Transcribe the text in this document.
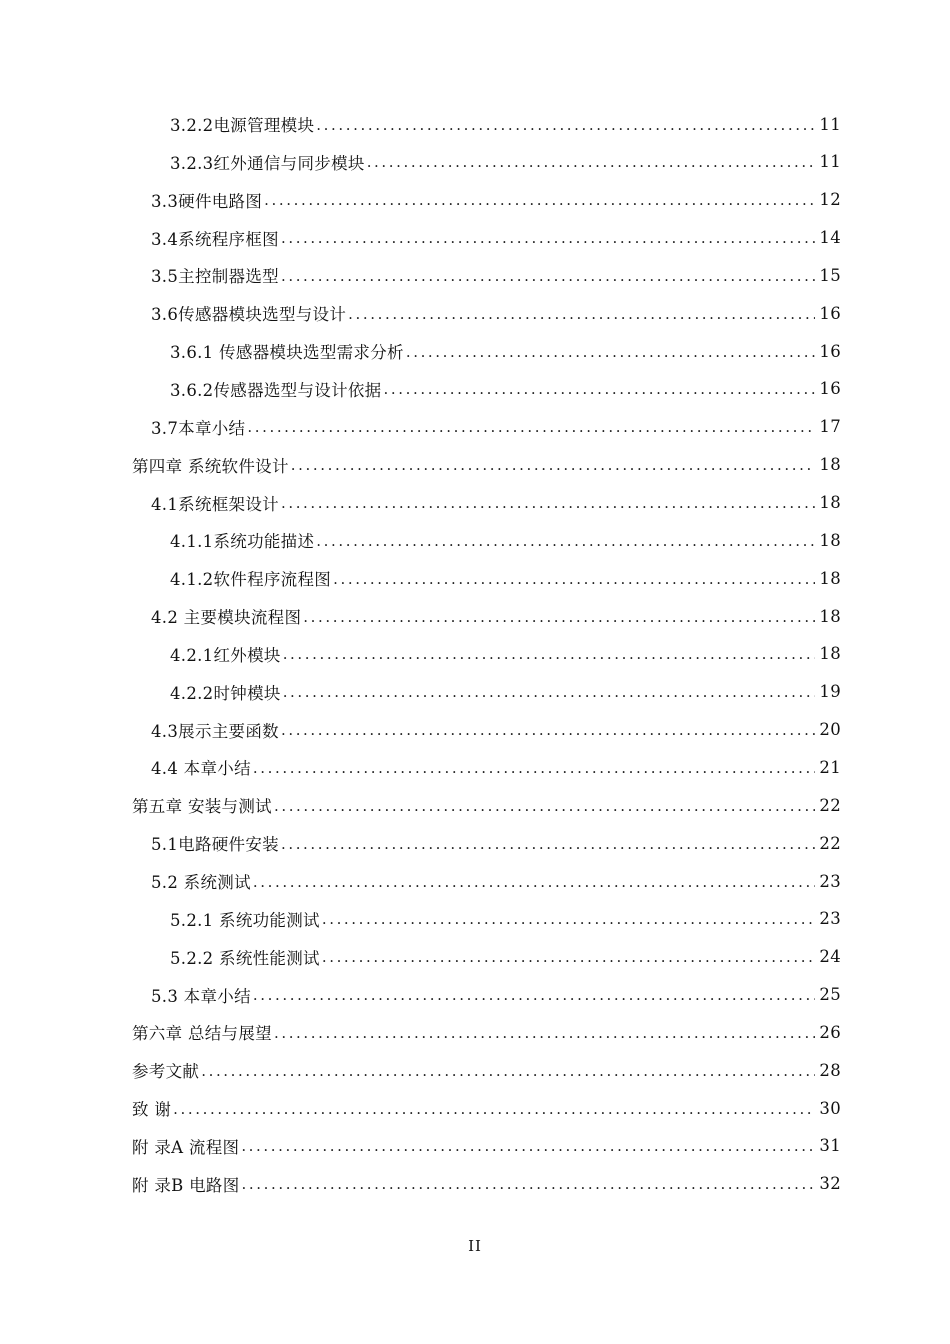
3.2.2电源管理模块 .....	11
3.2.3红外通信与同步模块 .....	11
3.3硬件电路图 .....	12
3.4系统程序框图 .....	14
3.5主控制器选型 .....	15
3.6传感器模块选型与设计 .....	16
3.6.1 传感器模块选型需求分析 .....	16
3.6.2传感器选型与设计依据 .....	16
3.7本章小结 .....	17
第四章 系统软件设计 .....	18
4.1系统框架设计 .....	18
4.1.1系统功能描述 .....	18
4.1.2软件程序流程图 .....	18
4.2 主要模块流程图 .....	18
4.2.1红外模块 .....	18
4.2.2时钟模块 .....	19
4.3展示主要函数 .....	20
4.4 本章小结 .....	21
第五章 安装与测试 .....	22
5.1电路硬件安装 .....	22
5.2 系统测试 .....	23
5.2.1 系统功能测试 .....	23
5.2.2 系统性能测试 .....	24
5.3 本章小结 .....	25
第六章 总结与展望 .....	26
参考文献 .....	28
致 谢 .....	30
附 录A 流程图 .....	31
附 录B 电路图 .....	32
II
